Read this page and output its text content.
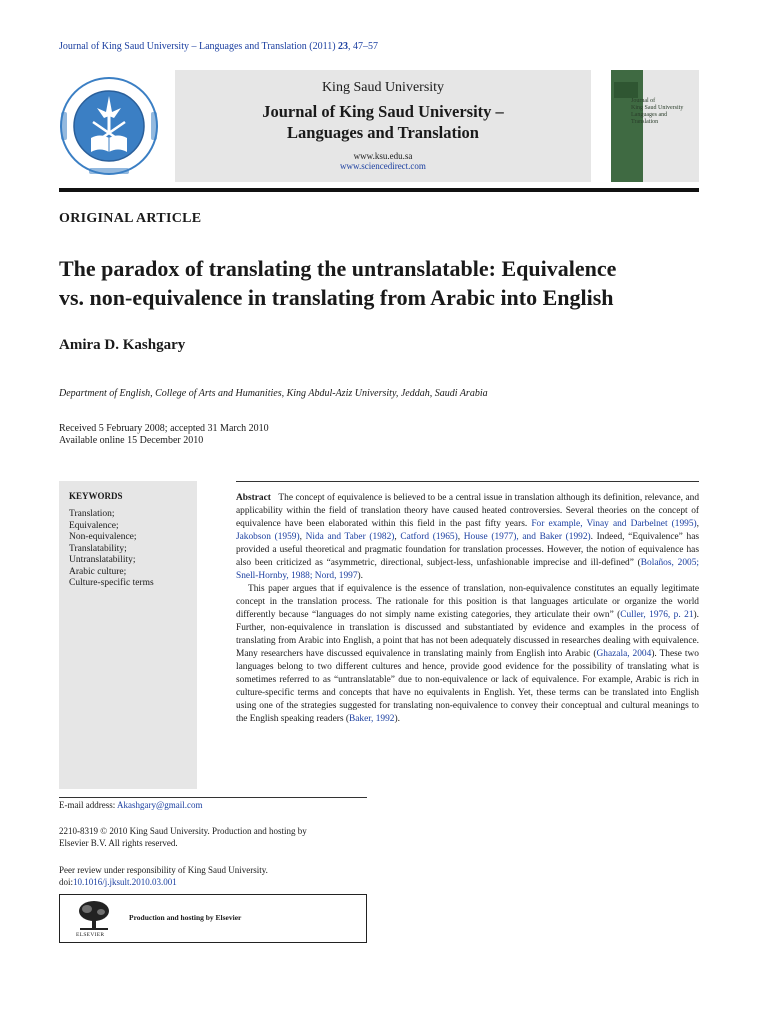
Journal of King Saud University – Languages and Translation (2011) 23, 47–57
King Saud University
Journal of King Saud University –
Languages and Translation
www.ksu.edu.sa
www.sciencedirect.com
Journal of
King Saud University
Languages and
Translation
ORIGINAL ARTICLE
The paradox of translating the untranslatable: Equivalence
vs. non-equivalence in translating from Arabic into English
Amira D. Kashgary
Department of English, College of Arts and Humanities, King Abdul-Aziz University, Jeddah, Saudi Arabia
Received 5 February 2008; accepted 31 March 2010
Available online 15 December 2010
KEYWORDS
Translation;
Equivalence;
Non-equivalence;
Translatability;
Untranslatability;
Arabic culture;
Culture-specific terms

Abstract The concept of equivalence is believed to be a central issue in translation although its definition, relevance, and applicability within the field of translation theory have caused heated controversies. Several theories on the concept of equivalence have been elaborated within this field in the past fifty years. For example, Vinay and Darbelnet (1995), Jakobson (1959), Nida and Taber (1982), Catford (1965), House (1977), and Baker (1992). Indeed, “Equivalence” has provided a useful theoretical and pragmatic foundation for translation processes. However, the notion of equivalence has also been criticized as “asymmetric, directional, subject-less, unfashionable imprecise and ill-defined” (Bolaños, 2005; Snell-Hornby, 1988; Nord, 1997).

This paper argues that if equivalence is the essence of translation, non-equivalence constitutes an equally legitimate concept in the translation process. The rationale for this position is that languages articulate or organize the world differently because “languages do not simply name existing categories, they articulate their own” (Culler, 1976, p. 21). Further, non-equivalence in translation is discussed and substantiated by evidence and examples in the process of translating from Arabic into English, a point that has not been adequately discussed in researches dealing with equivalence. Many researchers have discussed equivalence in translating mainly from English into Arabic (Ghazala, 2004). These two languages belong to two different cultures and hence, provide good evidence for the possibility of translating what is sometimes referred to as “untranslatable” due to non-equivalence or lack of equivalence. For example, Arabic is rich in culture-specific terms and concepts that have no equivalents in English. Yet, these terms can be translated into English using one of the strategies suggested for translating non-equivalence to convey their conceptual and cultural meanings to the English speaking readers (Baker, 1992).

E-mail address: Akashgary@gmail.com
2210-8319 © 2010 King Saud University. Production and hosting by
Elsevier B.V. All rights reserved.
Peer review under responsibility of King Saud University.
doi:10.1016/j.jksult.2010.03.001
ELSEVIER
Production and hosting by Elsevier
